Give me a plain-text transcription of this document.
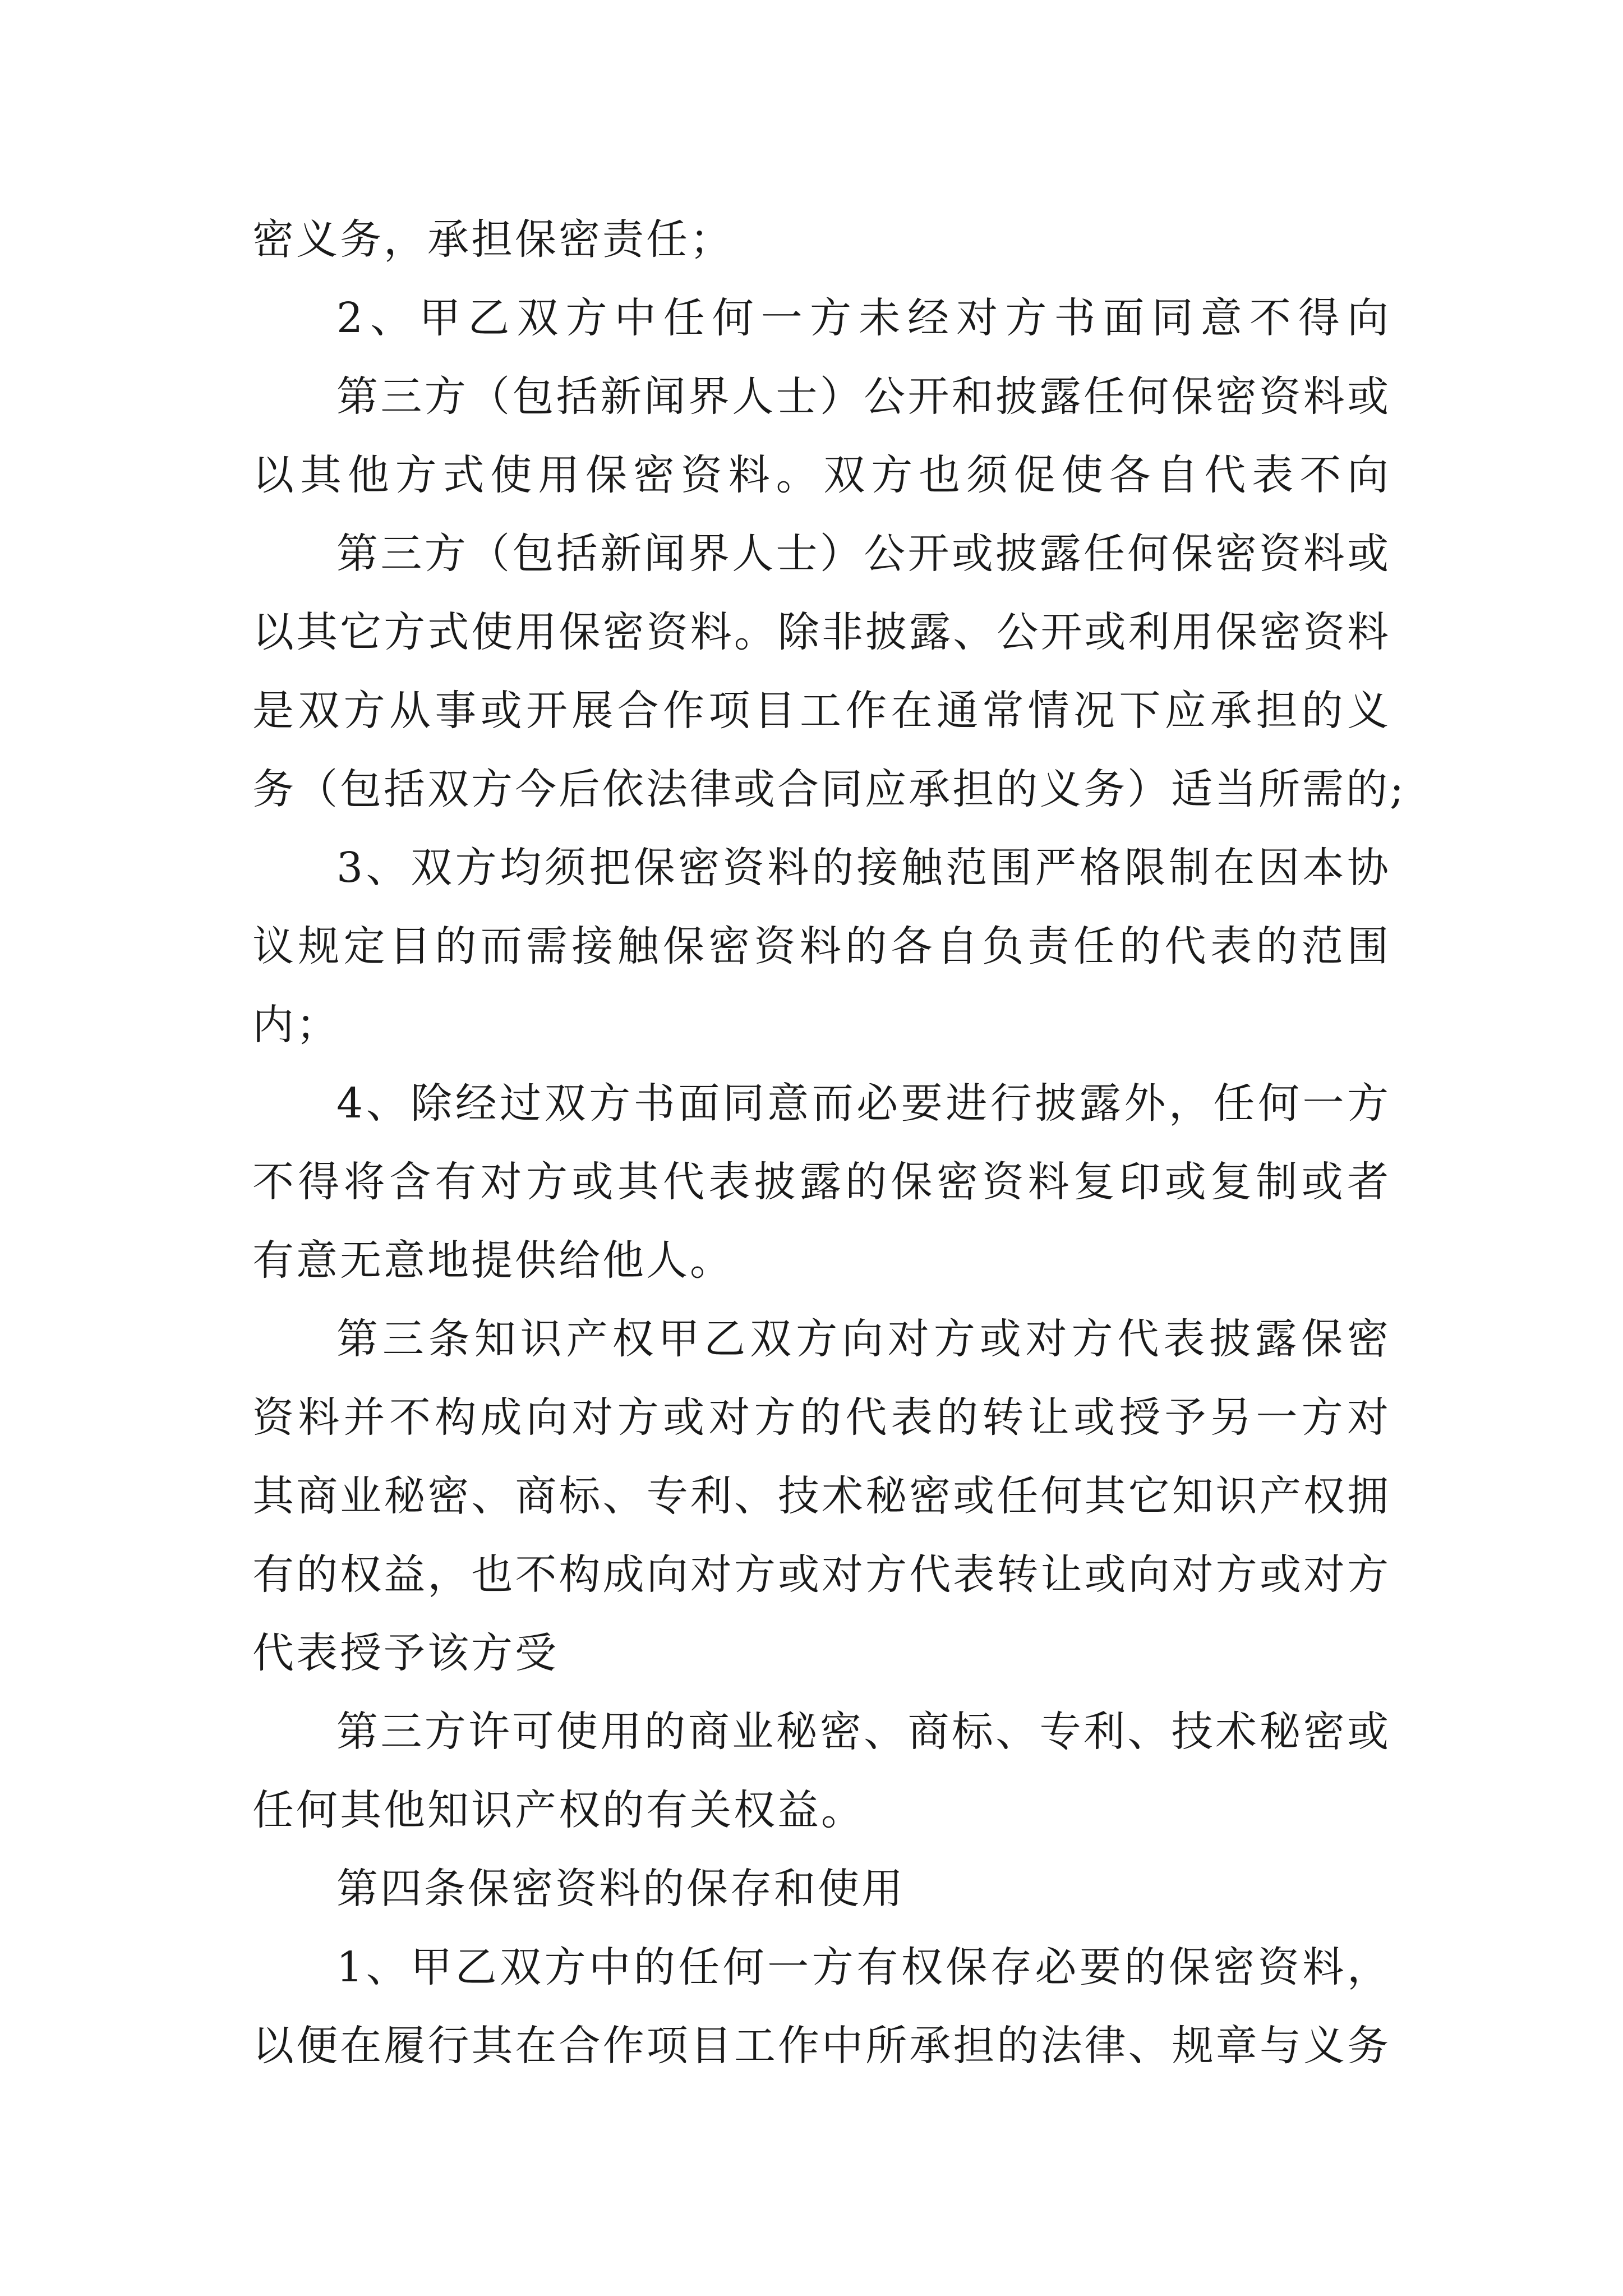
密义务，承担保密责任；
2、甲乙双方中任何一方未经对方书面同意不得向
第三方（包括新闻界人士）公开和披露任何保密资料或
以其他方式使用保密资料。双方也须促使各自代表不向
第三方（包括新闻界人士）公开或披露任何保密资料或
以其它方式使用保密资料。除非披露、公开或利用保密资料
是双方从事或开展合作项目工作在通常情况下应承担的义
务（包括双方今后依法律或合同应承担的义务）适当所需的;
3、双方均须把保密资料的接触范围严格限制在因本协
议规定目的而需接触保密资料的各自负责任的代表的范围
内；
4、除经过双方书面同意而必要进行披露外，任何一方
不得将含有对方或其代表披露的保密资料复印或复制或者
有意无意地提供给他人。
第三条知识产权甲乙双方向对方或对方代表披露保密
资料并不构成向对方或对方的代表的转让或授予另一方对
其商业秘密、商标、专利、技术秘密或任何其它知识产权拥
有的权益，也不构成向对方或对方代表转让或向对方或对方
代表授予该方受
第三方许可使用的商业秘密、商标、专利、技术秘密或
任何其他知识产权的有关权益。
第四条保密资料的保存和使用
1、甲乙双方中的任何一方有权保存必要的保密资料，
以便在履行其在合作项目工作中所承担的法律、规章与义务
